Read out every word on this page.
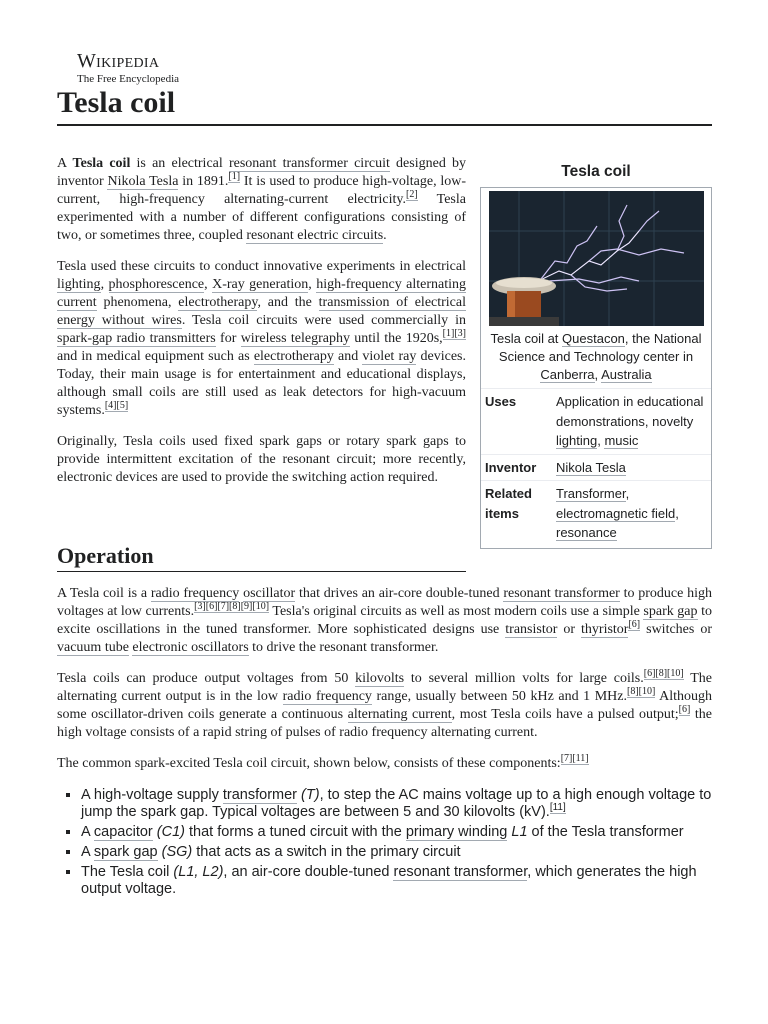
Wikipedia
The Free Encyclopedia
Tesla coil

A Tesla coil is an electrical resonant transformer circuit designed by inventor Nikola Tesla in 1891.[1] It is used to produce high-voltage, low-current, high-frequency alternating-current electricity.[2] Tesla experimented with a number of different configurations consisting of two, or sometimes three, coupled resonant electric circuits.

Tesla used these circuits to conduct innovative experiments in electrical lighting, phosphorescence, X-ray generation, high-frequency alternating current phenomena, electrotherapy, and the transmission of electrical energy without wires. Tesla coil circuits were used commercially in spark-gap radio transmitters for wireless telegraphy until the 1920s,[1][3] and in medical equipment such as electrotherapy and violet ray devices. Today, their main usage is for entertainment and educational displays, although small coils are still used as leak detectors for high-vacuum systems.[4][5]

Originally, Tesla coils used fixed spark gaps or rotary spark gaps to provide intermittent excitation of the resonant circuit; more recently, electronic devices are used to provide the switching action required.

Operation

A Tesla coil is a radio frequency oscillator that drives an air-core double-tuned resonant transformer to produce high voltages at low currents.[3][6][7][8][9][10] Tesla's original circuits as well as most modern coils use a simple spark gap to excite oscillations in the tuned transformer. More sophisticated designs use transistor or thyristor[6] switches or vacuum tube electronic oscillators to drive the resonant transformer.

Tesla coils can produce output voltages from 50 kilovolts to several million volts for large coils.[6][8][10] The alternating current output is in the low radio frequency range, usually between 50 kHz and 1 MHz.[8][10] Although some oscillator-driven coils generate a continuous alternating current, most Tesla coils have a pulsed output;[6] the high voltage consists of a rapid string of pulses of radio frequency alternating current.

The common spark-excited Tesla coil circuit, shown below, consists of these components:[7][11]

▪ A high-voltage supply transformer (T), to step the AC mains voltage up to a high enough voltage to jump the spark gap. Typical voltages are between 5 and 30 kilovolts (kV).[11]
▪ A capacitor (C1) that forms a tuned circuit with the primary winding L1 of the Tesla transformer
▪ A spark gap (SG) that acts as a switch in the primary circuit
▪ The Tesla coil (L1, L2), an air-core double-tuned resonant transformer, which generates the high output voltage.
Tesla coil
Tesla coil at Questacon, the National Science and Technology center in Canberra, Australia
Uses	Application in educational demonstrations, novelty lighting, music
Inventor	Nikola Tesla
Related items
Transformer, electromagnetic field, resonance
